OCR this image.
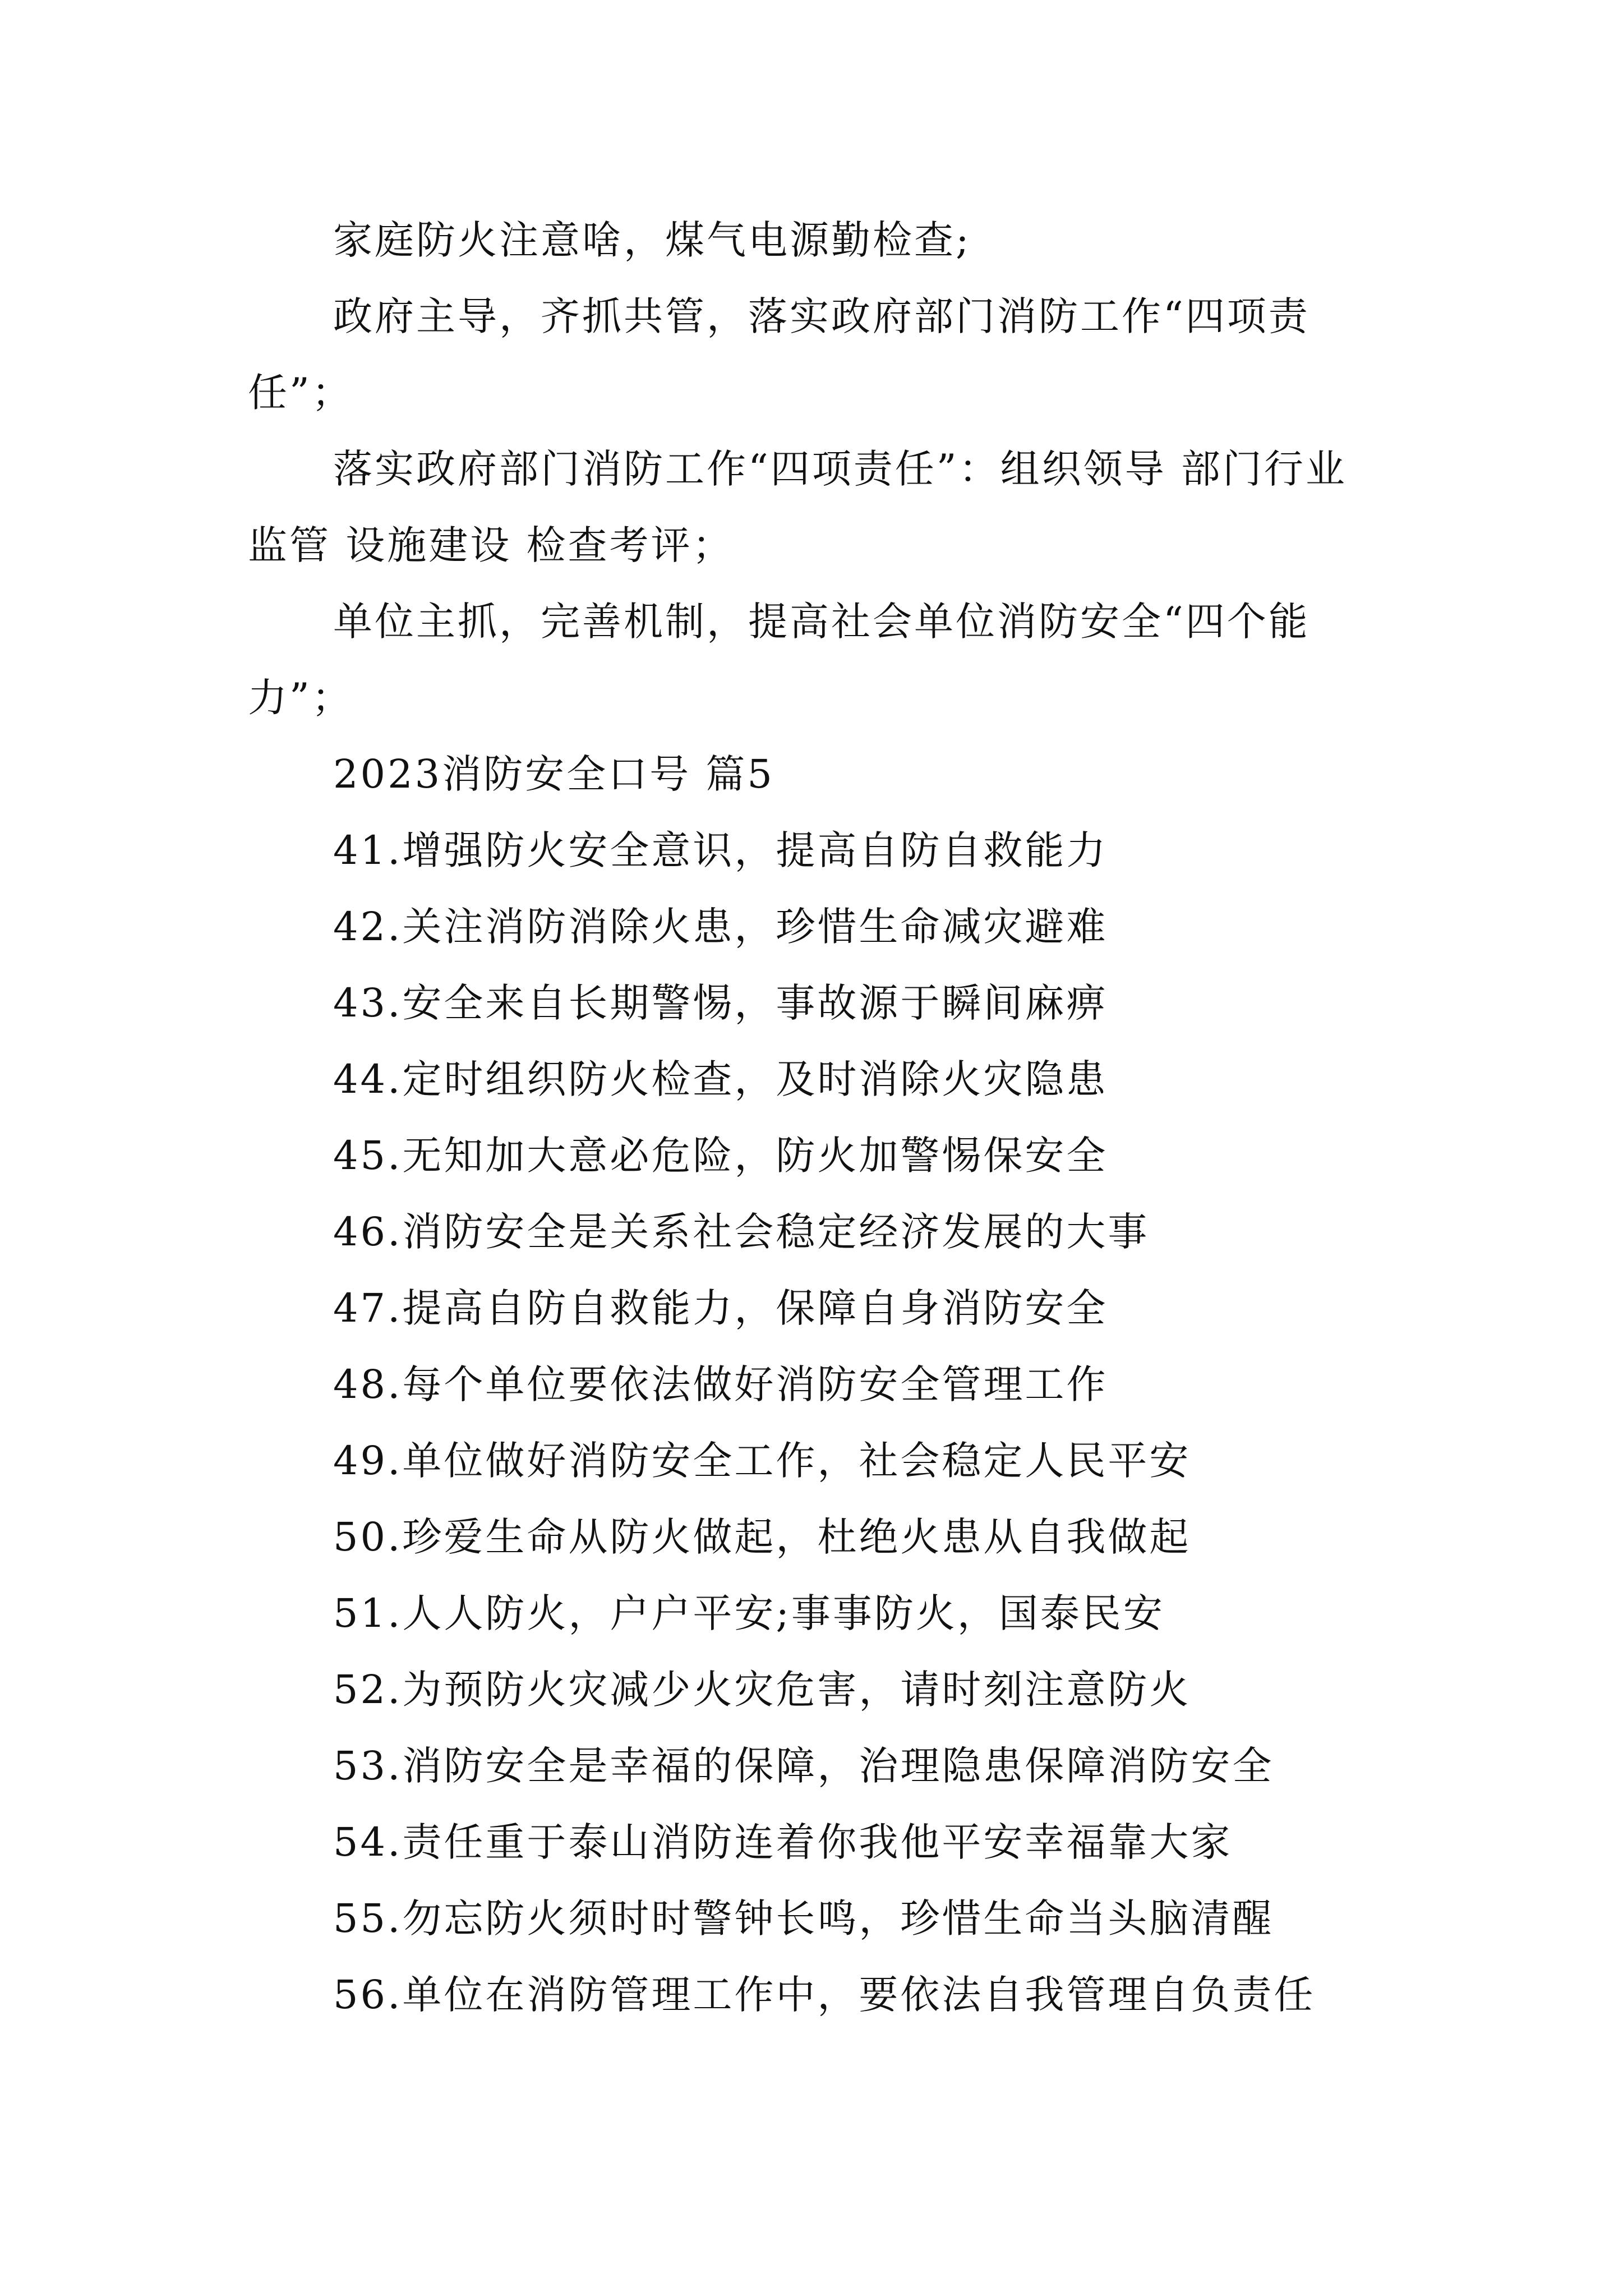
家庭防火注意啥，煤气电源勤检查;

政府主导，齐抓共管，落实政府部门消防工作“四项责任”；

落实政府部门消防工作“四项责任”：组织领导 部门行业监管 设施建设 检查考评；

单位主抓，完善机制，提高社会单位消防安全“四个能力”；

2023消防安全口号 篇5

41.增强防火安全意识，提高自防自救能力

42.关注消防消除火患，珍惜生命减灾避难

43.安全来自长期警惕，事故源于瞬间麻痹

44.定时组织防火检查，及时消除火灾隐患

45.无知加大意必危险，防火加警惕保安全

46.消防安全是关系社会稳定经济发展的大事

47.提高自防自救能力，保障自身消防安全

48.每个单位要依法做好消防安全管理工作

49.单位做好消防安全工作，社会稳定人民平安

50.珍爱生命从防火做起，杜绝火患从自我做起

51.人人防火，户户平安;事事防火，国泰民安

52.为预防火灾减少火灾危害，请时刻注意防火

53.消防安全是幸福的保障，治理隐患保障消防安全

54.责任重于泰山消防连着你我他平安幸福靠大家

55.勿忘防火须时时警钟长鸣，珍惜生命当头脑清醒

56.单位在消防管理工作中，要依法自我管理自负责任
